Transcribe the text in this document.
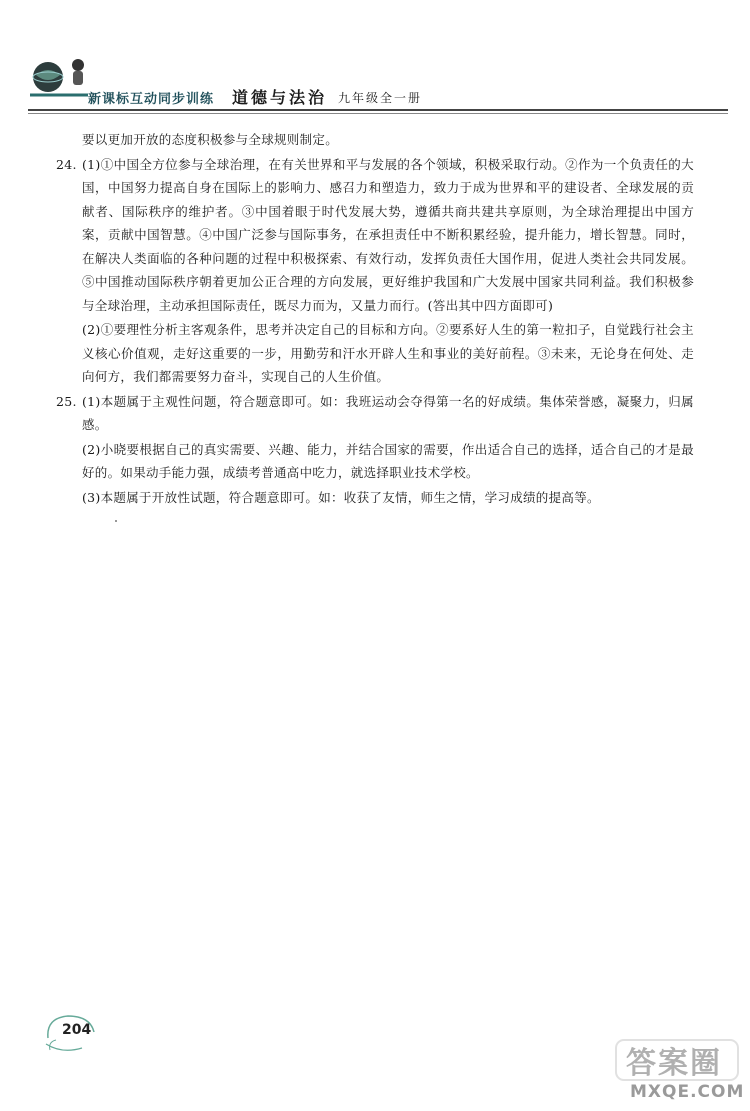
新课标互动同步训练 道德与法治 九年级全一册

要以更加开放的态度积极参与全球规则制定。

24. (1)①中国全方位参与全球治理，在有关世界和平与发展的各个领域，积极采取行动。②作为一个负责任的大国，中国努力提高自身在国际上的影响力、感召力和塑造力，致力于成为世界和平的建设者、全球发展的贡献者、国际秩序的维护者。③中国着眼于时代发展大势，遵循共商共建共享原则，为全球治理提出中国方案，贡献中国智慧。④中国广泛参与国际事务，在承担责任中不断积累经验，提升能力，增长智慧。同时，在解决人类面临的各种问题的过程中积极探索、有效行动，发挥负责任大国作用，促进人类社会共同发展。⑤中国推动国际秩序朝着更加公正合理的方向发展，更好维护我国和广大发展中国家共同利益。我们积极参与全球治理，主动承担国际责任，既尽力而为，又量力而行。(答出其中四方面即可)

(2)①要理性分析主客观条件，思考并决定自己的目标和方向。②要系好人生的第一粒扣子，自觉践行社会主义核心价值观，走好这重要的一步，用勤劳和汗水开辟人生和事业的美好前程。③未来，无论身在何处、走向何方，我们都需要努力奋斗，实现自己的人生价值。

25. (1)本题属于主观性问题，符合题意即可。如：我班运动会夺得第一名的好成绩。集体荣誉感，凝聚力，归属感。

(2)小晓要根据自己的真实需要、兴趣、能力，并结合国家的需要，作出适合自己的选择，适合自己的才是最好的。如果动手能力强，成绩考普通高中吃力，就选择职业技术学校。

(3)本题属于开放性试题，符合题意即可。如：收获了友情，师生之情，学习成绩的提高等。

204
答案圈
MXQE.COM
